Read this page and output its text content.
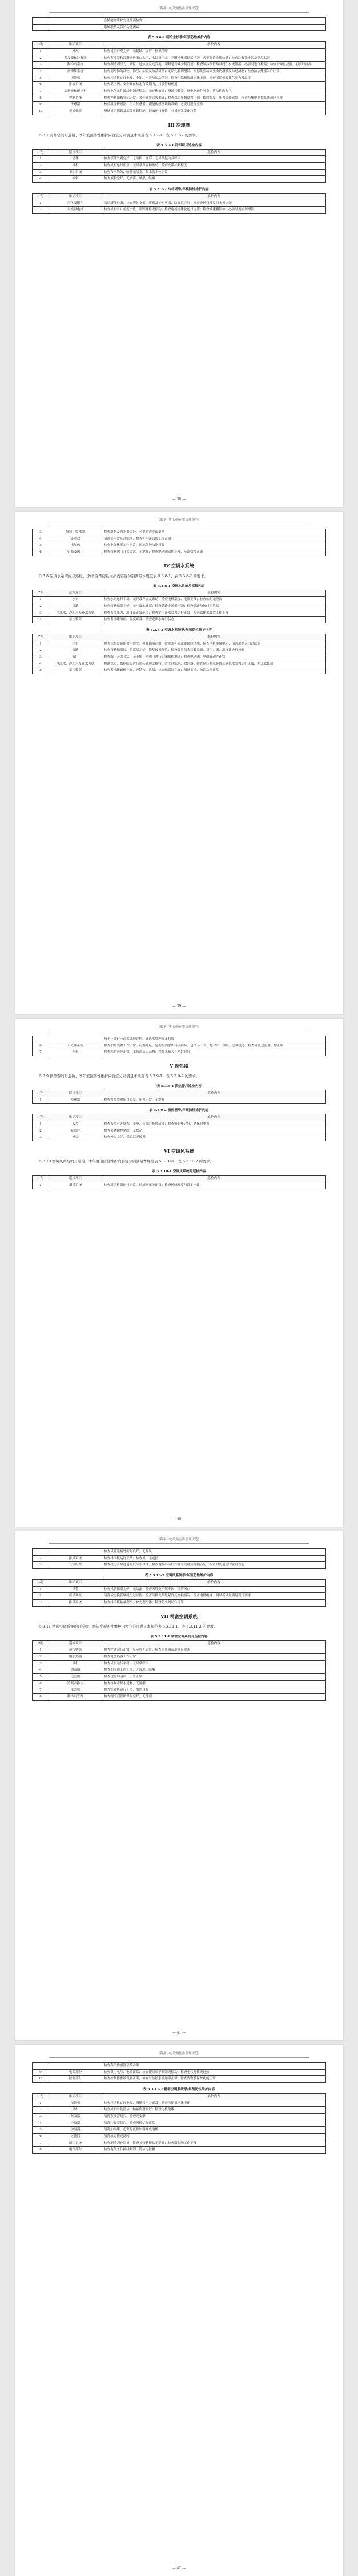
《数据中心设施运维管理规范》
		含储能介质补充及泄漏检查
		系统联动及保护功能测试
表 5.3.6-2 制冷主机季/年预防性维护内容
序号	维护项目	维护内容
1	外观	检查机组外观完好，无锈蚀、变形，标识清晰
2	蒸发器和冷凝器	检查蒸发器和冷凝器进出口水压、水温及压差，判断换热器结垢情况，必要时清洗换热管；检查冷凝器排污及除垢状况
3	制冷剂系统	检查制冷剂压力、液位、过热度及过冷度，判断是否缺少制冷剂；检查制冷剂管路及阀门有无泄漏，必要时进行检漏；检查干燥过滤器，必要时更换
4	润滑油系统	检查润滑油的油位、油压、油温及油品质量；定期化验润滑油，根据化验结果更换润滑油及油过滤器；检查油加热器工作正常
5	压缩机	检查压缩机运行电流、电压、声音及振动情况，检查压缩机绕组绝缘电阻，检查压缩机吸排气压力及温度
6	排放系统	检查泄压阀、安全阀在检定有效期内，排放管路畅通
7	启动柜和配电柜	检查电气元件接线紧固无松动、无过热痕迹；测试接触器、继电器动作可靠；清洁柜内灰尘
8	控制系统	检查控制面板显示正常，各传感器读数准确；检查保护参数设置正确，校验温度、压力等传感器；检查与集中监控系统通讯正常
9	传感器	校验温度传感器、压力传感器、流量传感器读数准确，必要时进行更换
10	整机性能	测试机组满载及部分负载性能，记录运行参数，分析能效变化趋势
III 冷却塔
5.3.7 冷却塔的月巡检、季年度预防性维护内容宜分别满足本规范表 5.3.7-1、表 5.3.7-2 的要求。
表 5.3.7-1 冷却塔月巡检内容
序号	巡检项目	巡检内容
1	塔体	检查塔体外观完好，无破损、变形，无异常振动及噪声
2	风机	检查风机运行正常，无异常声音和振动；检查皮带松紧程度
3	布水系统	检查布水均匀，喷嘴无堵塞，集水盘水位正常
4	填料	检查填料完好，无堵塞、破损、结垢
表 5.3.7-2 冷却塔季/年预防性维护内容
序号	维护项目	维护内容
1	塔体及附件	清洁塔体外表，检查塔体支架、爬梯及护栏牢固，防腐层完好；检查进风百叶及挡水板完好
2	风机及电机	检查风机叶片角度一致，紧固螺栓无松动；检查电机绝缘及运行电流；检查减速箱油位，必要时更换润滑油
— 38 —
《数据中心设施运维管理规范》
3	填料、收水器	检查填料及收水器完好，必要时清洗或更换
4	集水盘	清洗集水盘及过滤网，检查补水浮球阀工作正常
5	电加热	检查电加热器工作正常，防冻保护功能可靠
6	管路及阀门	检查管路阀门开关灵活，无泄漏；检查电动阀动作正常，反馈信号正确
IV 空调水系统
5.3.8 空调水系统的月巡检、季/年度预防性维护内容宜分别满足本规范表 5.3.8-1、表 5.3.8-2 的要求。
表 5.3.8-1 空调水系统月巡检内容
序号	巡检项目	巡检内容
1	水泵	检查水泵运行平稳，无异常声音及振动；检查电机温度、电流正常；检查轴封无泄漏
2	管路	检查管路保温完好，无冷凝水滴漏；检查管路支吊架牢固；检查管路及阀门无泄漏
3	冷冻水、冷却水及补水系统	检查系统压力、温度在正常范围；检查定压补水装置运行正常；检查软化水装置工作正常
4	蓄冷装置	检查蓄冷罐液位、温度正常，检查进出水阀门状态
表 5.3.8-2 空调水系统季/年预防性维护内容
序号	维护项目	维护内容
1	水泵	检查水泵联轴器对中情况；检查轴承润滑，按要求补充或更换润滑脂；检查电机绝缘电阻；清洗水泵入口过滤器
2	管路	检查管路保温层、防腐层完好，修复破损部位；检查各类仪表读数准确，对压力表、温度计进行校验
3	阀门	检查阀门开关灵活，无卡阻；对阀门进行启闭操作测试；检查电动阀、电磁阀动作正常
4	冷冻水、冷却水及补水系统	检测水质，根据结果进行加药处理或排污；清洗过滤器、除污器；检查定压补水装置及软化水装置运行正常，补充软化盐
5	蓄冷装置	检查蓄冷罐罐体完好，无锈蚀、泄漏；检查保温层完好；测试蓄冷、放冷功能正常
— 39 —
《数据中心设施运维管理规范》
		每半年进行一次水处理评估，确认水处理方案有效
6	水处理系统	检查加药装置工作正常，药剂充足；定期检测水质各项指标，包括 pH 值、电导率、浊度、总硬度等；检查旁流过滤器工作正常
7	水箱	检查水箱液位正常，水箱清洁无杂物；检查水箱人孔密封良好
V 换热器
5.3.9 换热器的月巡检、季年度预防性维护内容宜分别满足本规范表 5.3.9-1、表 5.3.9-2 的要求。
表 5.3.9-1 换热器月巡检内容
序号	巡检项目	巡检内容
1	换热器	检查换热器进出口温度、压力正常，无泄漏
表 5.3.9-2 换热器季/年预防性维护内容
序号	维护项目	维护内容
1	板片	检查板片有无腐蚀、变形，必要时拆解清洗；检查密封垫完好，老化时更换
2	紧固件	检查夹紧螺栓紧固，无松动
3	外壳	检查外壳完好，保温层无破损
VI 空调风系统
5.3.10 空调风系统的月巡检、季年度预防性维护内容宜分别满足本规范表 5.3.10-1、表 5.3.10-2 的要求。
表 5.3.10-1 空调风系统月巡检内容
序号	巡检项目	巡检内容
1	新风系统	检查新风机组运行正常，过滤器压差正常；检查风阀开度与设定一致
— 40 —
《数据中心设施运维管理规范》
		检查风管连接处密封良好，无漏风
2	排风系统	检查排风机运行正常；检查风口无遮挡
3	气流组织	检查机房冷热通道温度分布合理，检查地板出风口布置与设备负荷相匹配；检查封闭通道的密封性能
表 5.3.10-2 空调风系统季/年预防性维护内容
序号	维护项目	维护内容
1	风管	检查风管保温完好，无结露；检查风管支吊架牢固；清洁风口
2	新风系统	清洗或更换新风机组过滤器；检查风机皮带松紧度及磨损情况；检查电机绝缘；测试新风量满足设计要求
3	排风系统	检查排风机轴承润滑，补充润滑脂；检查防火阀动作可靠
VII 精密空调系统
5.3.11 精密空调系统的月巡检、季年度预防性维护内容宜分别满足本规范表 5.3.11-1、表 5.3.11-2 的要求。
表 5.3.11-1 精密空调系统月巡检内容
序号	巡检项目	巡检内容
1	运行状态	检查空调运行正常，显示屏无告警；检查回风温湿度满足要求
2	电加热器	检查电加热器工作正常
3	风机	检查风机运行平稳，无异常噪声
4	加湿器	检查加湿器工作正常，无漏水、结垢
5	过滤网	检查过滤网清洁，压差正常
6	冷凝水排水	检查冷凝水排水通畅，无溢漏
7	室外机	检查室外机运行正常，散热良好
8	制冷剂管路	检查制冷剂管路保温完好，无泄漏
— 41 —
《数据中心设施运维管理规范》
		检查各类传感器读数准确
9	电源部分	检查供电电压、电流正常；检查接线端子紧固无松动；检查电气元件无过热
10	控制部分	检查控制器参数设置正确，检查与监控系统通讯正常；检查告警及保护功能正常
表 5.3.11-2 精密空调系统季/年预防性维护内容
序号	维护项目	维护内容
1	压缩机	检查压缩机运行电流、吸排气压力正常；检查压缩机绝缘电阻
2	风机	检查风机叶轮清洁，轴承润滑良好；检查电机绝缘
3	蒸发器	清洗蒸发器翅片，检查无变形
4	冷凝器	清洗冷凝器翅片，检查风机运行正常
5	加湿器	清洗加湿罐，必要时更换加湿罐或电极
6	过滤网	清洗或更换过滤网
7	制冷系统	检查制冷剂充注量，检查各管路接头无泄漏；检查膨胀阀工作正常
8	电气部分	检查电气元件接线紧固，清洁电控箱
— 42 —
